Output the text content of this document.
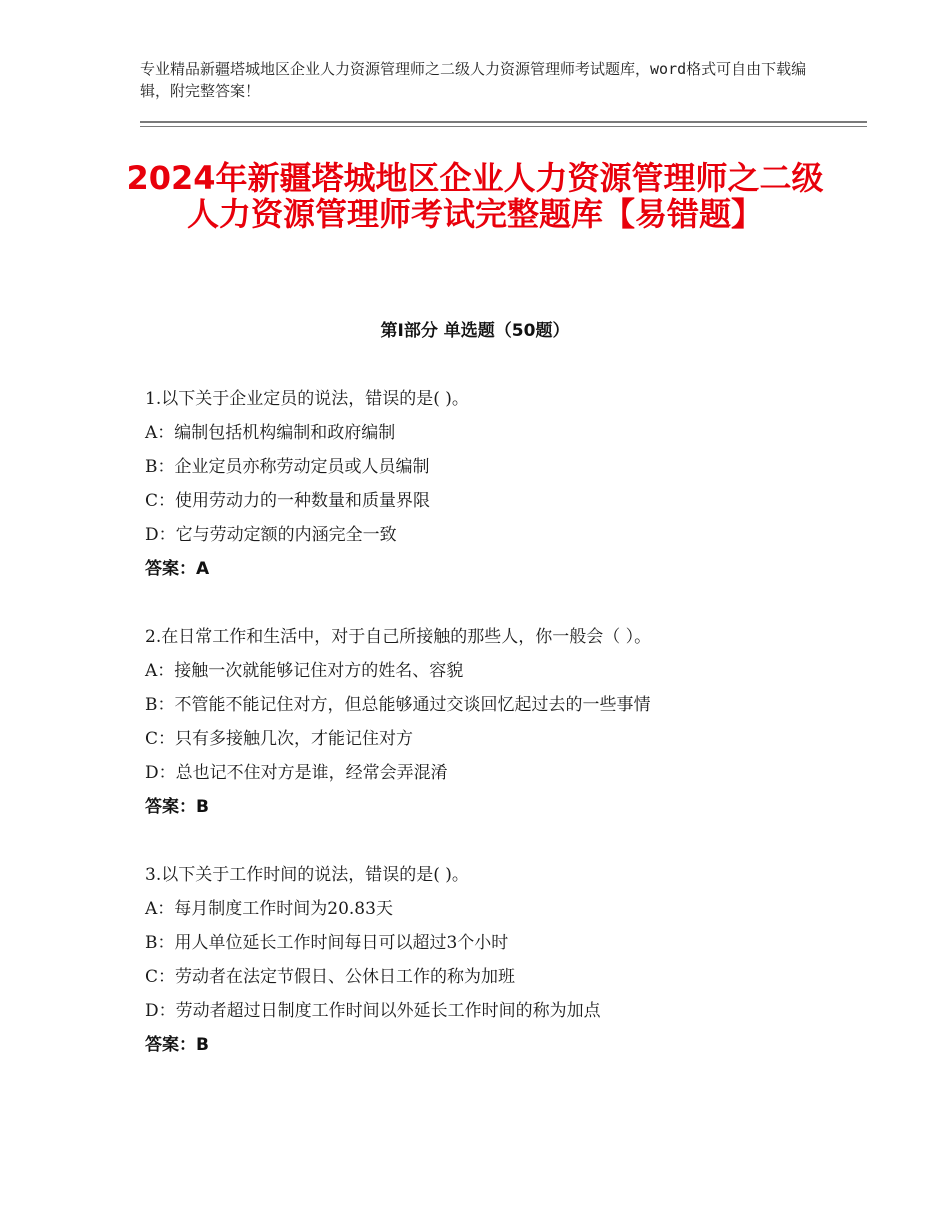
专业精品新疆塔城地区企业人力资源管理师之二级人力资源管理师考试题库，word格式可自由下载编辑，附完整答案！
2024年新疆塔城地区企业人力资源管理师之二级人力资源管理师考试完整题库【易错题】
第Ⅰ部分 单选题（50题）
1.以下关于企业定员的说法，错误的是( )。
A：编制包括机构编制和政府编制
B：企业定员亦称劳动定员或人员编制
C：使用劳动力的一种数量和质量界限
D：它与劳动定额的内涵完全一致
答案：A
2.在日常工作和生活中，对于自己所接触的那些人，你一般会（ ）。
A：接触一次就能够记住对方的姓名、容貌
B：不管能不能记住对方，但总能够通过交谈回忆起过去的一些事情
C：只有多接触几次，才能记住对方
D：总也记不住对方是谁，经常会弄混淆
答案：B
3.以下关于工作时间的说法，错误的是( )。
A：每月制度工作时间为20.83天
B：用人单位延长工作时间每日可以超过3个小时
C：劳动者在法定节假日、公休日工作的称为加班
D：劳动者超过日制度工作时间以外延长工作时间的称为加点
答案：B
